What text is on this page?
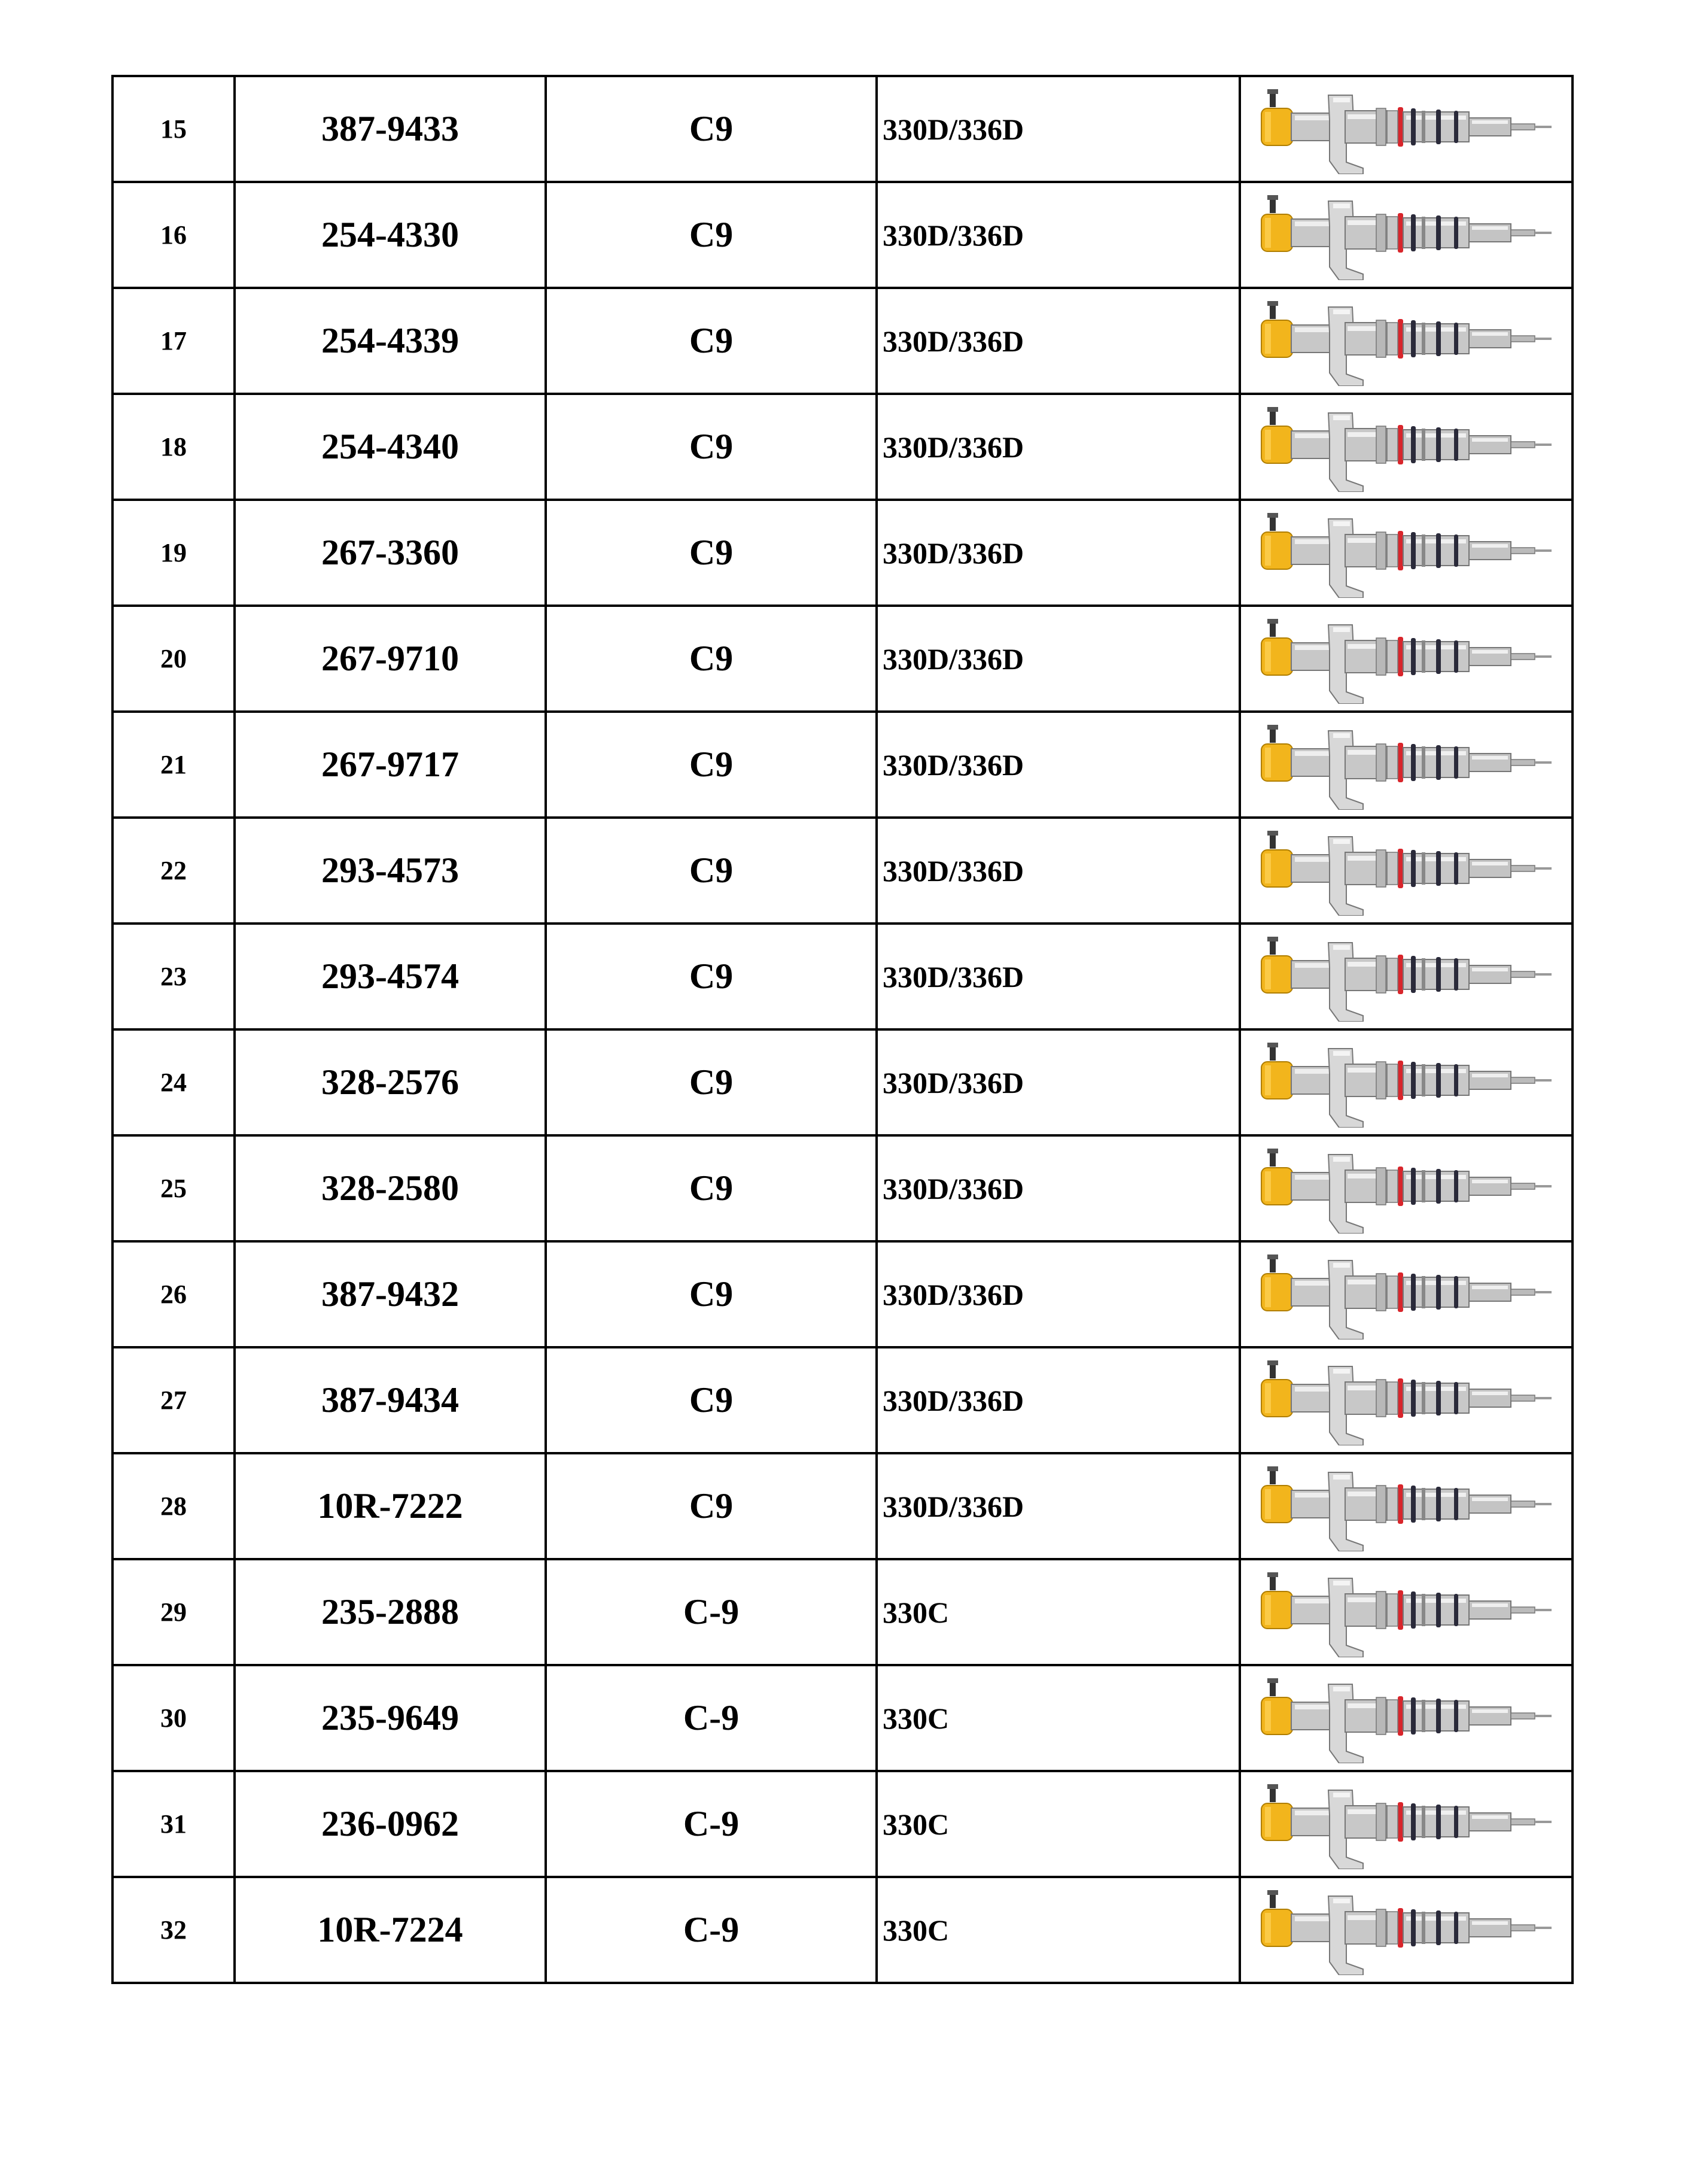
15	387-9433	C9	330D/336D	

16	254-4330	C9	330D/336D	

17	254-4339	C9	330D/336D	

18	254-4340	C9	330D/336D	

19	267-3360	C9	330D/336D	

20	267-9710	C9	330D/336D	

21	267-9717	C9	330D/336D	

22	293-4573	C9	330D/336D	

23	293-4574	C9	330D/336D	

24	328-2576	C9	330D/336D	

25	328-2580	C9	330D/336D	

26	387-9432	C9	330D/336D	

27	387-9434	C9	330D/336D	

28	10R-7222	C9	330D/336D	

29	235-2888	C-9	330C	

30	235-9649	C-9	330C	

31	236-0962	C-9	330C	

32	10R-7224	C-9	330C	
